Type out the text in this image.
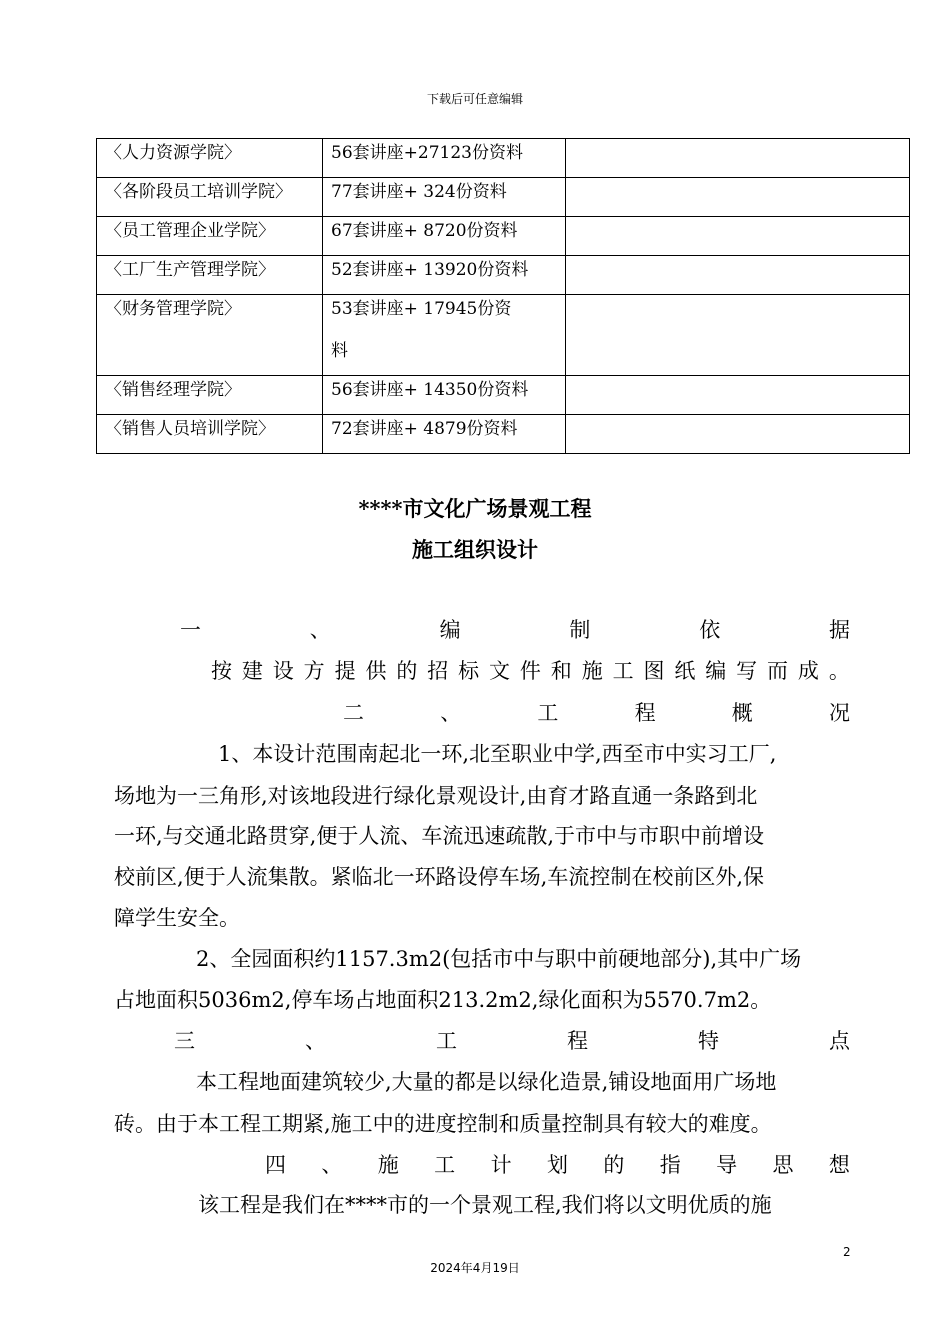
下载后可任意编辑
〈人力资源学院〉	56套讲座+27123份资料	
〈各阶段员工培训学院〉	77套讲座+ 324份资料	
〈员工管理企业学院〉	67套讲座+ 8720份资料	
〈工厂生产管理学院〉	52套讲座+ 13920份资料	
〈财务管理学院〉	53套讲座+ 17945份资
料	

〈销售经理学院〉	56套讲座+ 14350份资料	
〈销售人员培训学院〉	72套讲座+ 4879份资料	
****市文化广场景观工程
施工组织设计
一	、	编	制	依	据
按 建 设 方 提 供 的 招 标 文 件 和 施 工 图 纸 编 写 而 成 。
二	、	工	程	概	况
1、本设计范围南起北一环,北至职业中学,西至市中实习工厂,
场地为一三角形,对该地段进行绿化景观设计,由育才路直通一条路到北
一环,与交通北路贯穿,便于人流、车流迅速疏散,于市中与市职中前增设
校前区,便于人流集散。紧临北一环路设停车场,车流控制在校前区外,保
障学生安全。
2、全园面积约1157.3m2(包括市中与职中前硬地部分),其中广场
占地面积5036m2,停车场占地面积213.2m2,绿化面积为5570.7m2。
三	、	工	程	特	点
本工程地面建筑较少,大量的都是以绿化造景,铺设地面用广场地
砖。由于本工程工期紧,施工中的进度控制和质量控制具有较大的难度。
四 、 施 工 计 划 的 指 导 思 想
该工程是我们在****市的一个景观工程,我们将以文明优质的施
2
2024年4月19日
